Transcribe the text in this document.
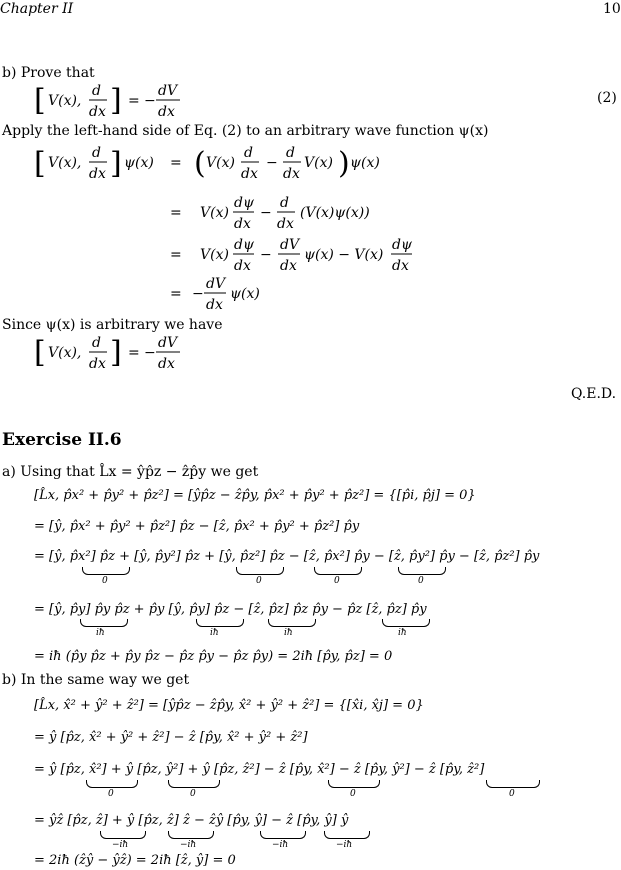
Chapter II	10
b) Prove that
[ V(x),
d
dx ] = −
dV
dx
(2)
Apply the left-hand side of Eq. (2) to an arbitrary wave function ψ(x)
[ V(x),
d
dx ] ψ(x) = ( V(x)
d
dx
−
d
dx
V(x) ) ψ(x)
= V(x)
dψ
dx
−
d
dx
(V(x)ψ(x))
= V(x)
dψ
dx
−
dV
dx
ψ(x) − V(x)
dψ
dx
= −
dV
dx
ψ(x)
Since ψ(x) is arbitrary we have
[ V(x),
d
dx ] = −
dV
dx
Q.E.D.
Exercise II.6
a) Using that L̂x = ŷp̂z − ẑp̂y we get
[L̂x, p̂x² + p̂y² + p̂z²] = [ŷp̂z − ẑp̂y, p̂x² + p̂y² + p̂z²] = {[p̂i, p̂j] = 0}
= [ŷ, p̂x² + p̂y² + p̂z²] p̂z − [ẑ, p̂x² + p̂y² + p̂z²] p̂y
= [ŷ, p̂x²] p̂z + [ŷ, p̂y²] p̂z + [ŷ, p̂z²] p̂z − [ẑ, p̂x²] p̂y − [ẑ, p̂y²] p̂y − [ẑ, p̂z²] p̂y
0	0	0	0
= [ŷ, p̂y] p̂y p̂z + p̂y [ŷ, p̂y] p̂z − [ẑ, p̂z] p̂z p̂y − p̂z [ẑ, p̂z] p̂y
iħ	iħ	iħ	iħ
= iħ (p̂y p̂z + p̂y p̂z − p̂z p̂y − p̂z p̂y) = 2iħ [p̂y, p̂z] = 0
b) In the same way we get
[L̂x, x̂² + ŷ² + ẑ²] = [ŷp̂z − ẑp̂y, x̂² + ŷ² + ẑ²] = {[x̂i, x̂j] = 0}
= ŷ [p̂z, x̂² + ŷ² + ẑ²] − ẑ [p̂y, x̂² + ŷ² + ẑ²]
= ŷ [p̂z, x̂²] + ŷ [p̂z, ŷ²] + ŷ [p̂z, ẑ²] − ẑ [p̂y, x̂²] − ẑ [p̂y, ŷ²] − ẑ [p̂y, ẑ²]
0	0	0	0
= ŷẑ [p̂z, ẑ] + ŷ [p̂z, ẑ] ẑ − ẑŷ [p̂y, ŷ] − ẑ [p̂y, ŷ] ŷ
−iħ	−iħ	−iħ	−iħ
= 2iħ (ẑŷ − ŷẑ) = 2iħ [ẑ, ŷ] = 0
